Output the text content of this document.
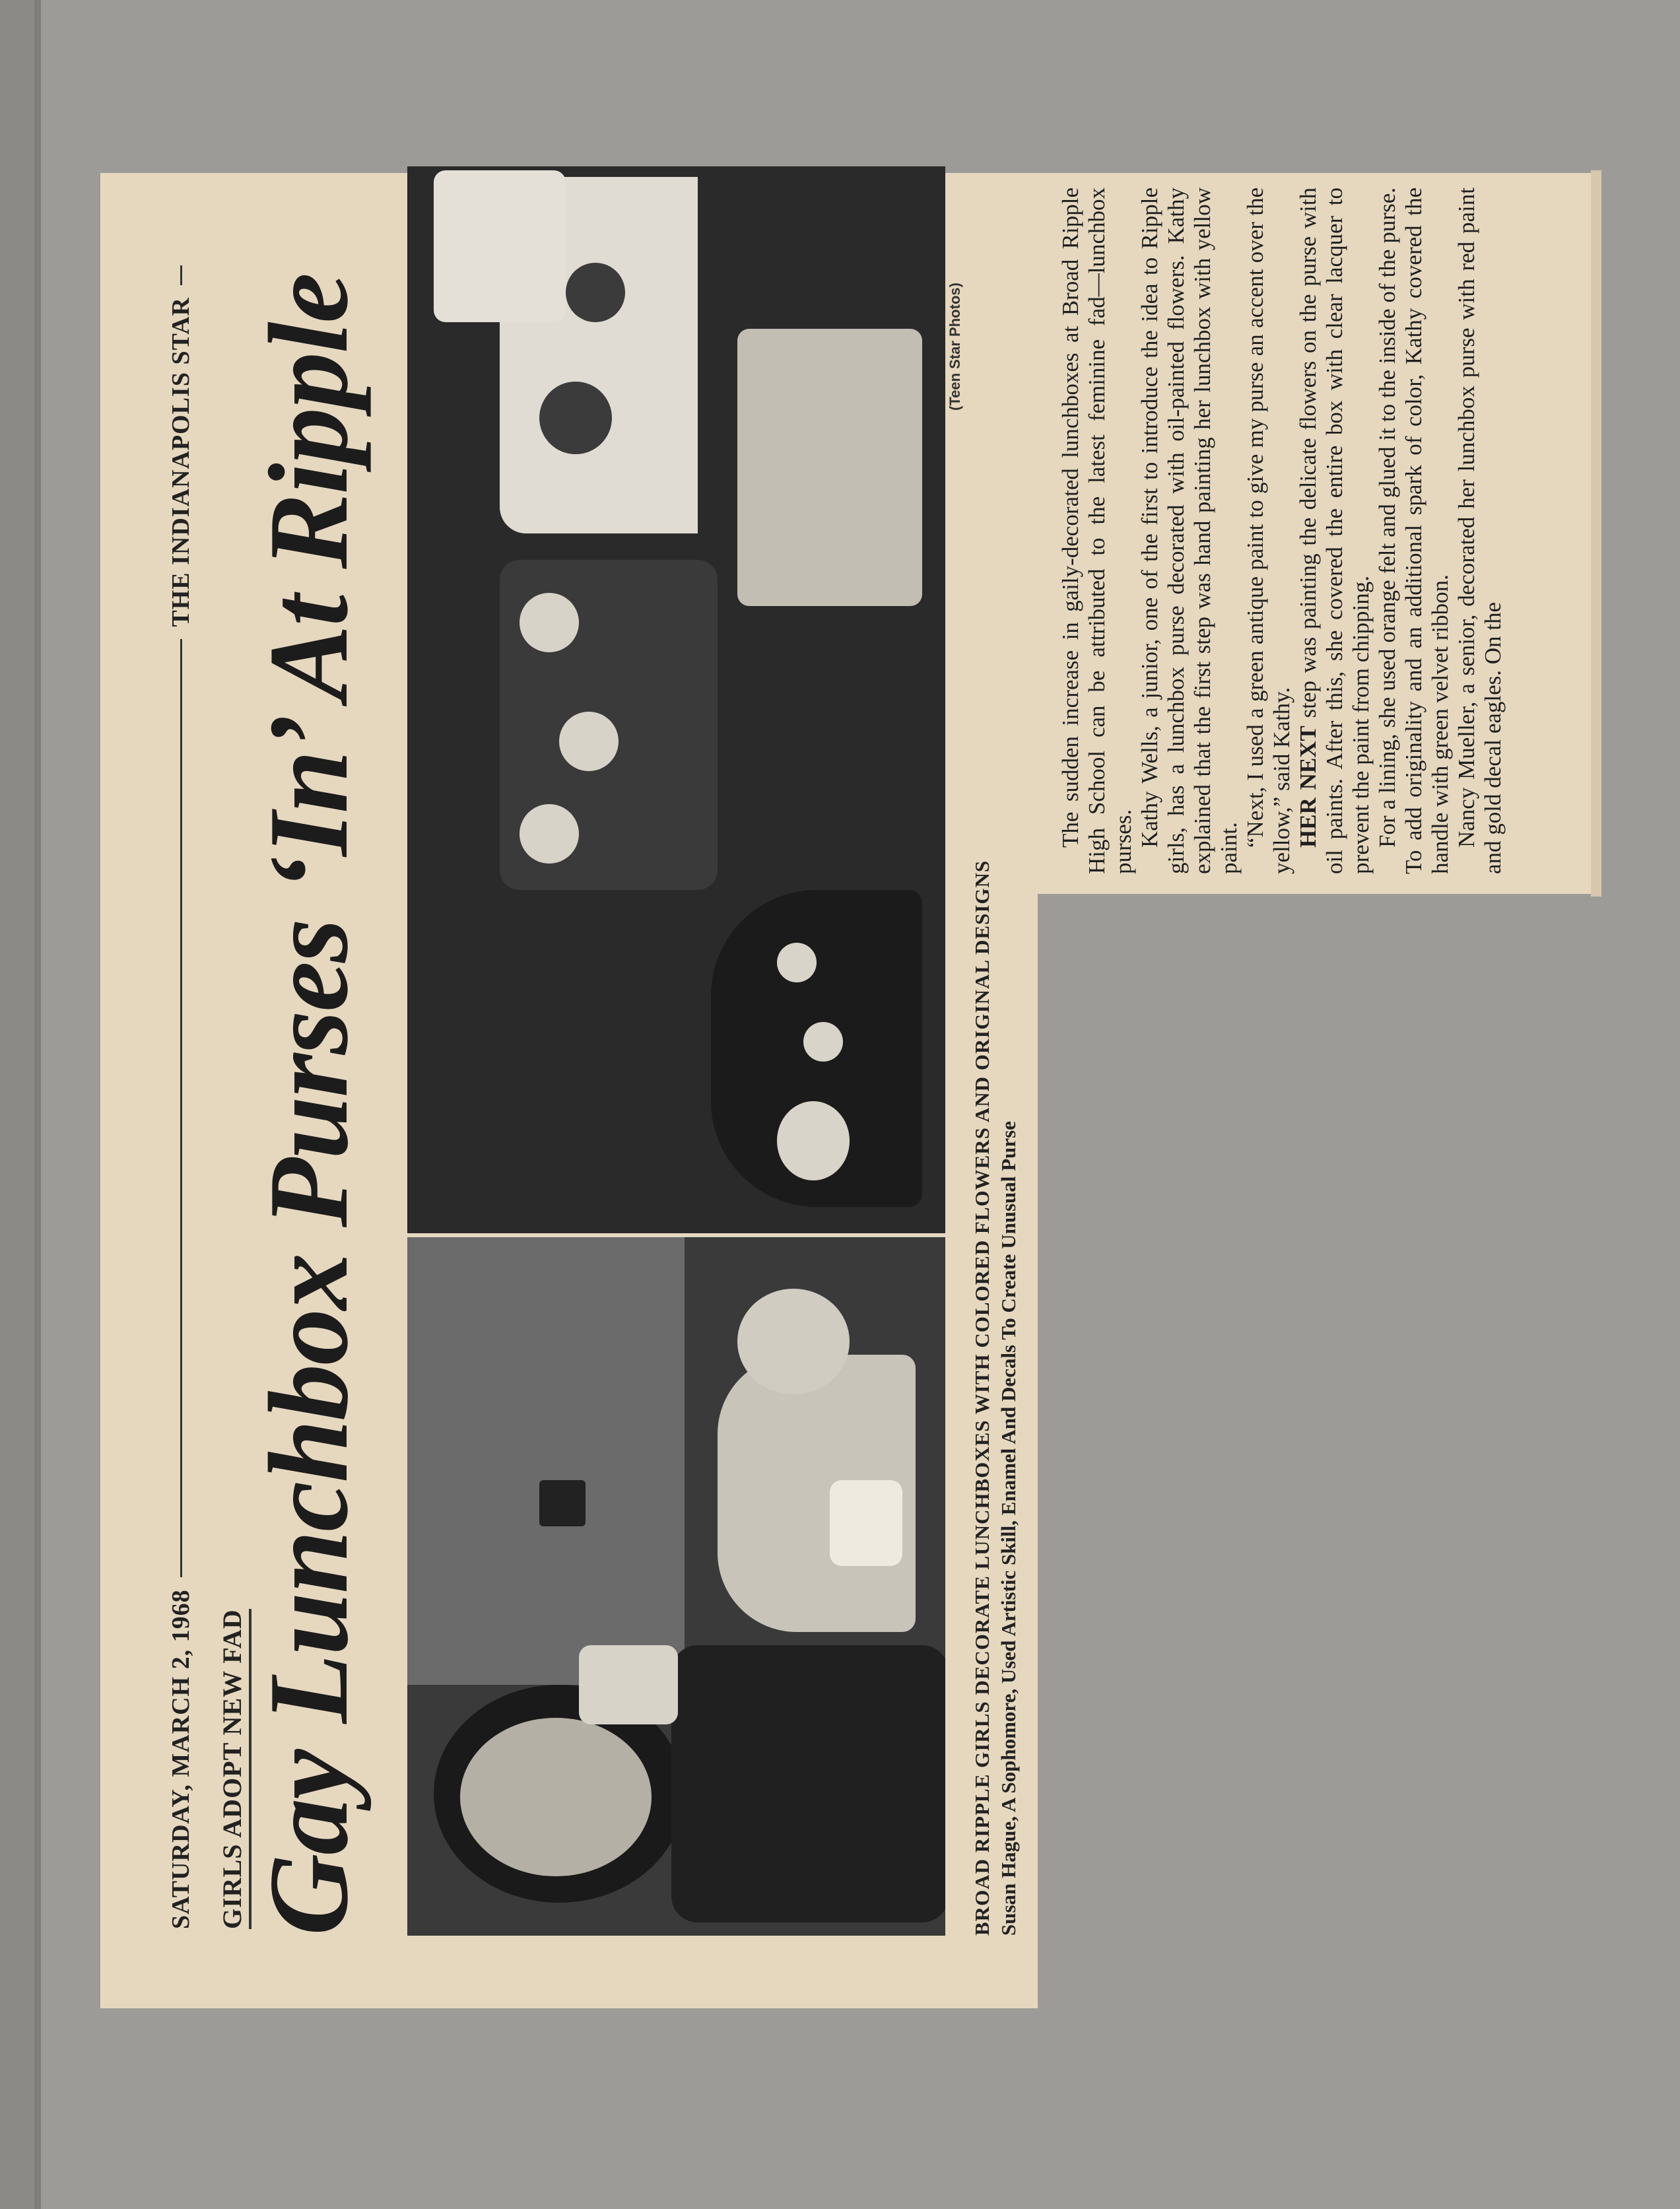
SATURDAY, MARCH 2, 1968
THE INDIANAPOLIS STAR
GIRLS ADOPT NEW FAD Gay Lunchbox Purses ‘In’ At Ripple	(Teen Star Photos)
BROAD RIPPLE GIRLS DECORATE LUNCHBOXES WITH COLORED FLOWERS AND ORIGINAL DESIGNS Susan Hague, A Sophomore, Used Artistic Skill, Enamel And Decals To Create Unusual Purse

The sudden increase in gaily-decorated lunchboxes at Broad Ripple High School can be attributed to the latest feminine fad—lunchbox purses. Kathy Wells, a junior, one of the first to introduce the idea to Ripple girls, has a lunchbox purse decorated with oil-painted flowers. Kathy explained that the first step was hand painting her lunchbox with yellow paint.

“Next, I used a green antique paint to give my purse an accent over the yellow,” said Kathy. HER NEXT step was painting the delicate flowers on the purse with oil paints. After this, she covered the entire box with clear lacquer to prevent the paint from chipping. For a lining, she used orange felt and glued it to the inside of the purse. To add originality and an additional spark of color, Kathy covered the handle with green velvet ribbon. Nancy Mueller, a senior, decorated her lunchbox purse with red paint and gold decal eagles. On the
